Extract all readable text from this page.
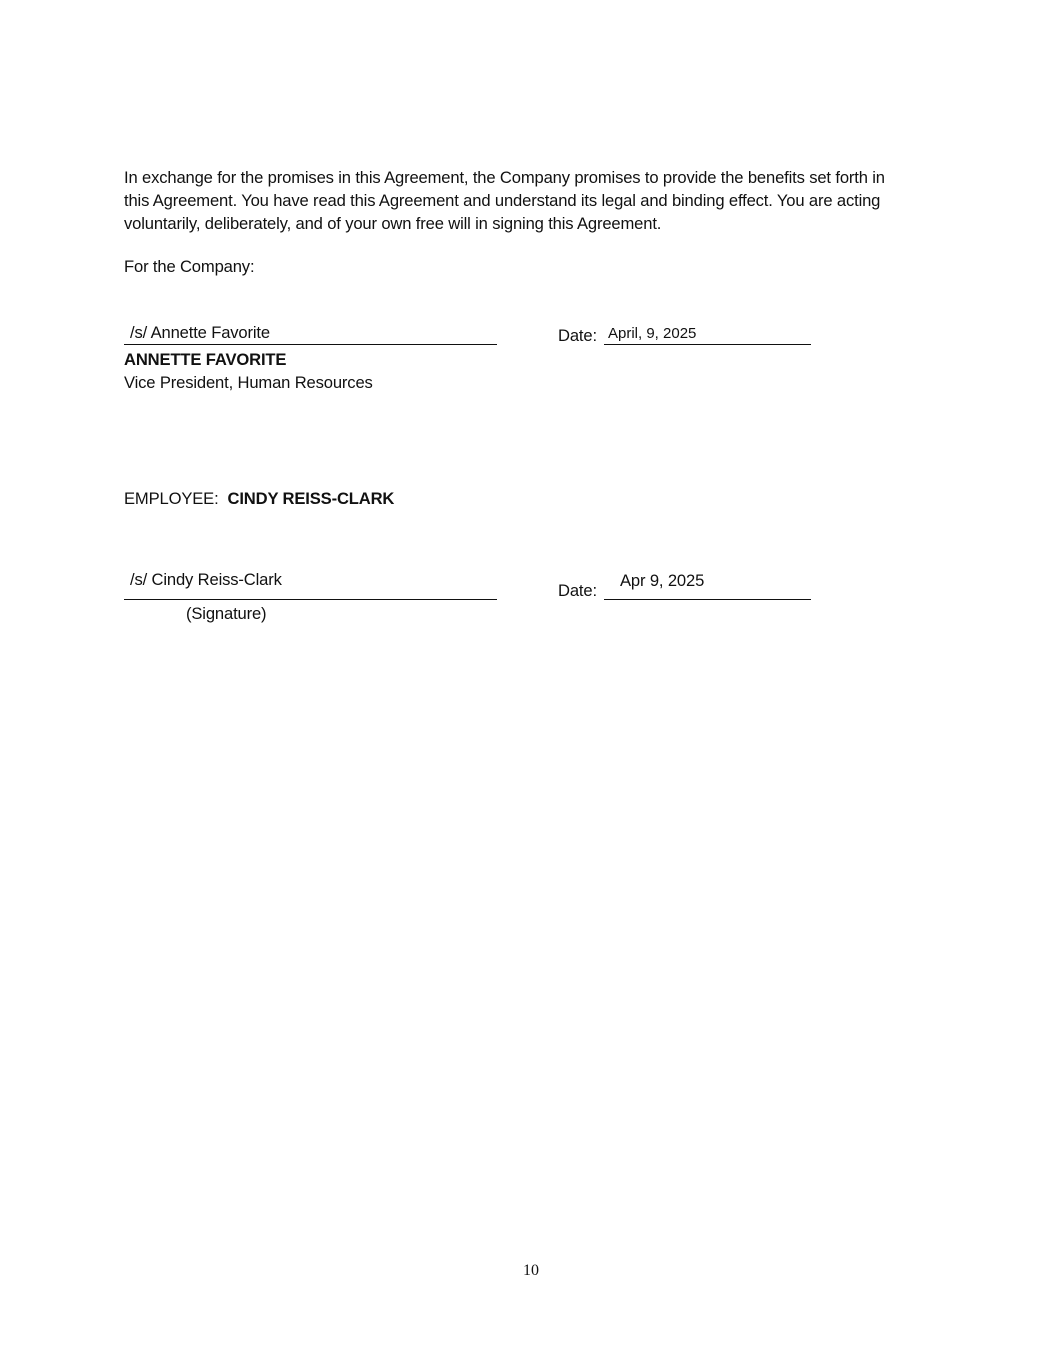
In exchange for the promises in this Agreement, the Company promises to provide the benefits set forth in
this Agreement. You have read this Agreement and understand its legal and binding effect. You are acting
voluntarily, deliberately, and of your own free will in signing this Agreement.
For the Company:
/s/ Annette Favorite
ANNETTE FAVORITE
Vice President, Human Resources
Date: April, 9, 2025
EMPLOYEE: CINDY REISS-CLARK
/s/ Cindy Reiss-Clark
(Signature)
Date:
Apr 9, 2025
10
